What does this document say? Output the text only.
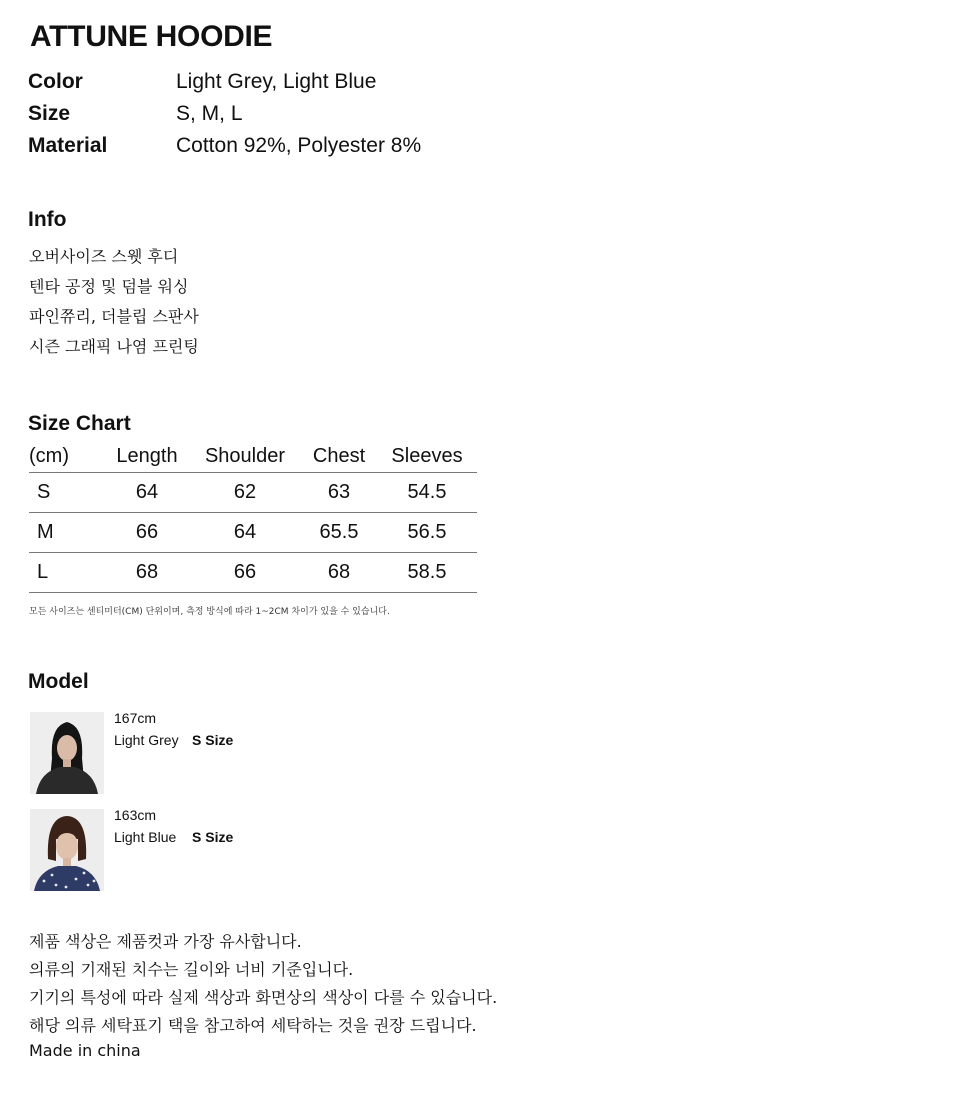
ATTUNE HOODIE
Color	Light Grey, Light Blue
Size	S, M, L
Material	Cotton 92%, Polyester 8%
Info
오버사이즈 스웻 후디
텐타 공정 및 덤블 워싱
파인쮸리, 더블립 스판사
시즌 그래픽 나염 프린팅
Size Chart
(cm)	Length	Shoulder	Chest	Sleeves
S	64	62	63	54.5
M	66	64	65.5	56.5
L	68	66	68	58.5
모든 사이즈는 센티미터(CM) 단위이며, 측정 방식에 따라 1~2CM 차이가 있을 수 있습니다.
Model
167cm
Light Grey S Size
163cm
Light Blue S Size
제품 색상은 제품컷과 가장 유사합니다.
의류의 기재된 치수는 길이와 너비 기준입니다.
기기의 특성에 따라 실제 색상과 화면상의 색상이 다를 수 있습니다.
해당 의류 세탁표기 택을 참고하여 세탁하는 것을 권장 드립니다.
Made in china
